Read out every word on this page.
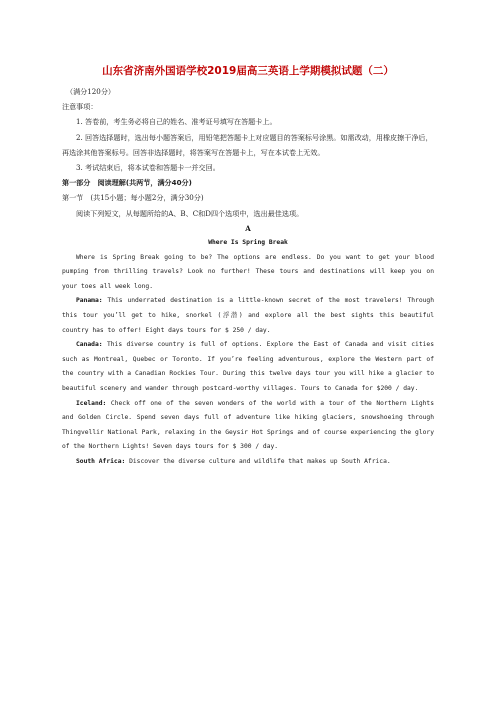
山东省济南外国语学校2019届高三英语上学期模拟试题（二）

（满分120分）

注意事项：

1. 答卷前，考生务必将自己的姓名、准考证号填写在答题卡上。

2. 回答选择题时，选出每小题答案后，用铅笔把答题卡上对应题目的答案标号涂黑。如需改动，用橡皮擦干净后，再选涂其他答案标号。回答非选择题时，将答案写在答题卡上，写在本试卷上无效。

3. 考试结束后，将本试卷和答题卡一并交回。

第一部分　阅读理解(共两节，满分40分)

第一节　(共15小题；每小题2分，满分30分)

阅读下列短文，从每题所给的A、B、C和D四个选项中，选出最佳选项。

A

Where Is Spring Break

Where is Spring Break going to be? The options are endless. Do you want to get your blood pumping from thrilling travels? Look no further! These tours and destinations will keep you on your toes all week long.

Panama: This underrated destination is a little-known secret of the most travelers! Through this tour you’ll get to hike, snorkel (浮潜) and explore all the best sights this beautiful country has to offer! Eight days tours for $ 250 / day.

Canada: This diverse country is full of options. Explore the East of Canada and visit cities such as Montreal, Quebec or Toronto. If you’re feeling adventurous, explore the Western part of the country with a Canadian Rockies Tour. During this twelve days tour you will hike a glacier to beautiful scenery and wander through postcard-worthy villages. Tours to Canada for $200 / day.

Iceland: Check off one of the seven wonders of the world with a tour of the Northern Lights and Golden Circle. Spend seven days full of adventure like hiking glaciers, snowshoeing through Thingvellir National Park, relaxing in the Geysir Hot Springs and of course experiencing the glory of the Northern Lights! Seven days tours for $ 300 / day.

South Africa: Discover the diverse culture and wildlife that makes up South Africa.
